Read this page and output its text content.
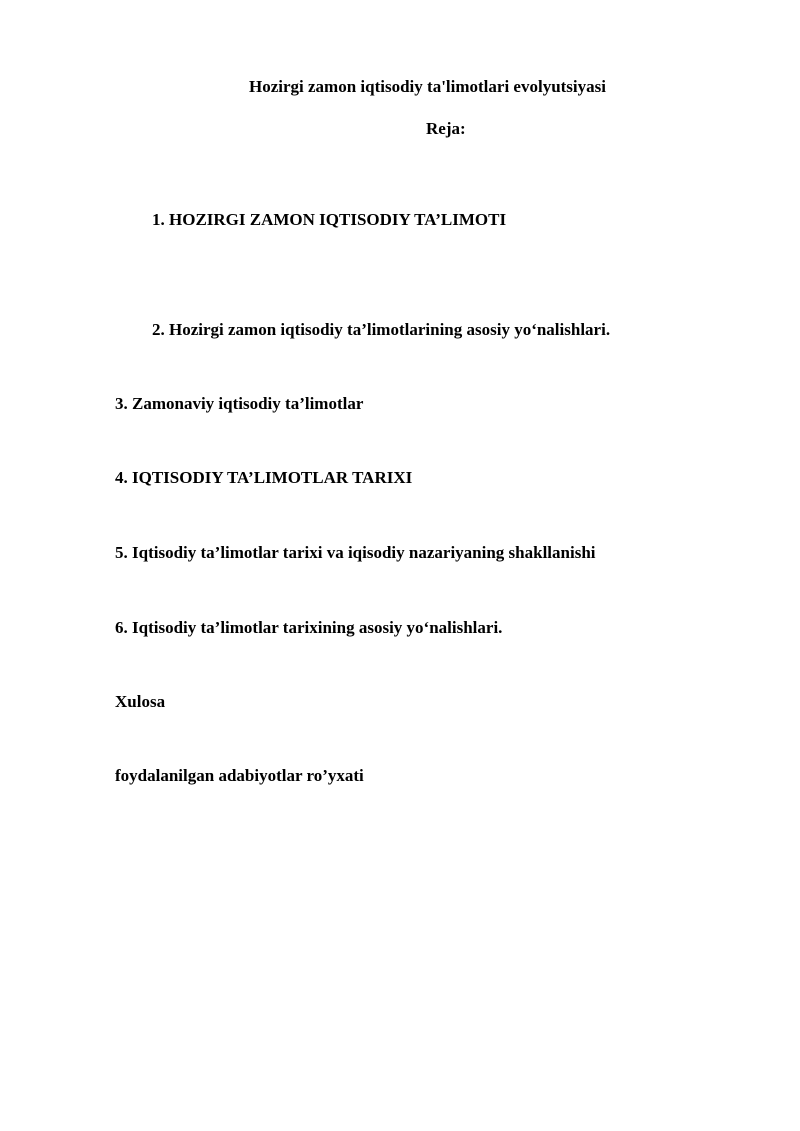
Hozirgi zamon iqtisodiy ta'limotlari evolyutsiyasi

Reja:

1. HOZIRGI ZAMON IQTISODIY TA’LIMOTI

2. Hozirgi zamon iqtisodiy ta’limotlarining asosiy yo‘nalishlari.

3. Zamonaviy iqtisodiy ta’limotlar

4. IQTISODIY TA’LIMOTLAR TARIXI

5. Iqtisodiy ta’limotlar tarixi va iqisodiy nazariyaning shakllanishi

6. Iqtisodiy ta’limotlar tarixining asosiy yo‘nalishlari.

Xulosa

foydalanilgan adabiyotlar ro’yxati
